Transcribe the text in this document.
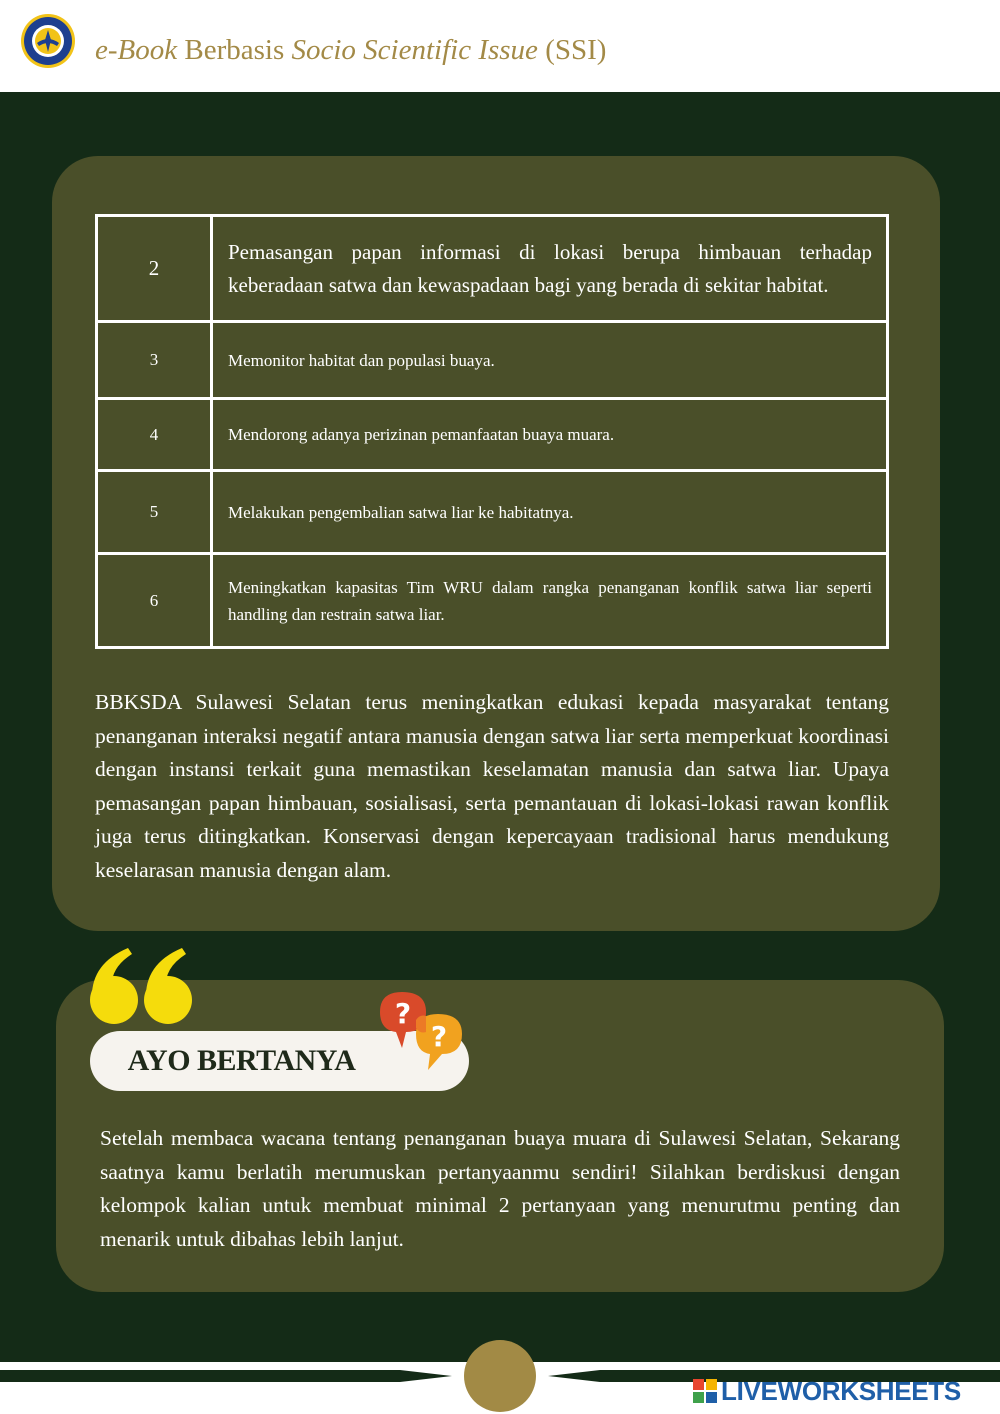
e-Book Berbasis Socio Scientific Issue (SSI)
2	Pemasangan papan informasi di lokasi berupa himbauan terhadap keberadaan satwa dan kewaspadaan bagi yang berada di sekitar habitat.
3	Memonitor habitat dan populasi buaya.
4	Mendorong adanya perizinan pemanfaatan buaya muara.
5	Melakukan pengembalian satwa liar ke habitatnya.
6	Meningkatkan kapasitas Tim WRU dalam rangka penanganan konflik satwa liar seperti handling dan restrain satwa liar.
BBKSDA Sulawesi Selatan terus meningkatkan edukasi kepada masyarakat tentang penanganan interaksi negatif antara manusia dengan satwa liar serta memperkuat koordinasi dengan instansi terkait guna memastikan keselamatan manusia dan satwa liar. Upaya pemasangan papan himbauan, sosialisasi, serta pemantauan di lokasi-lokasi rawan konflik juga terus ditingkatkan. Konservasi dengan kepercayaan tradisional harus mendukung keselarasan manusia dengan alam.
AYO BERTANYA
?
?
Setelah membaca wacana tentang penanganan buaya muara di Sulawesi Selatan, Sekarang saatnya kamu berlatih merumuskan pertanyaanmu sendiri! Silahkan berdiskusi dengan kelompok kalian untuk membuat minimal 2 pertanyaan yang menurutmu penting dan menarik untuk dibahas lebih lanjut.
LIVEWORKSHEETS
